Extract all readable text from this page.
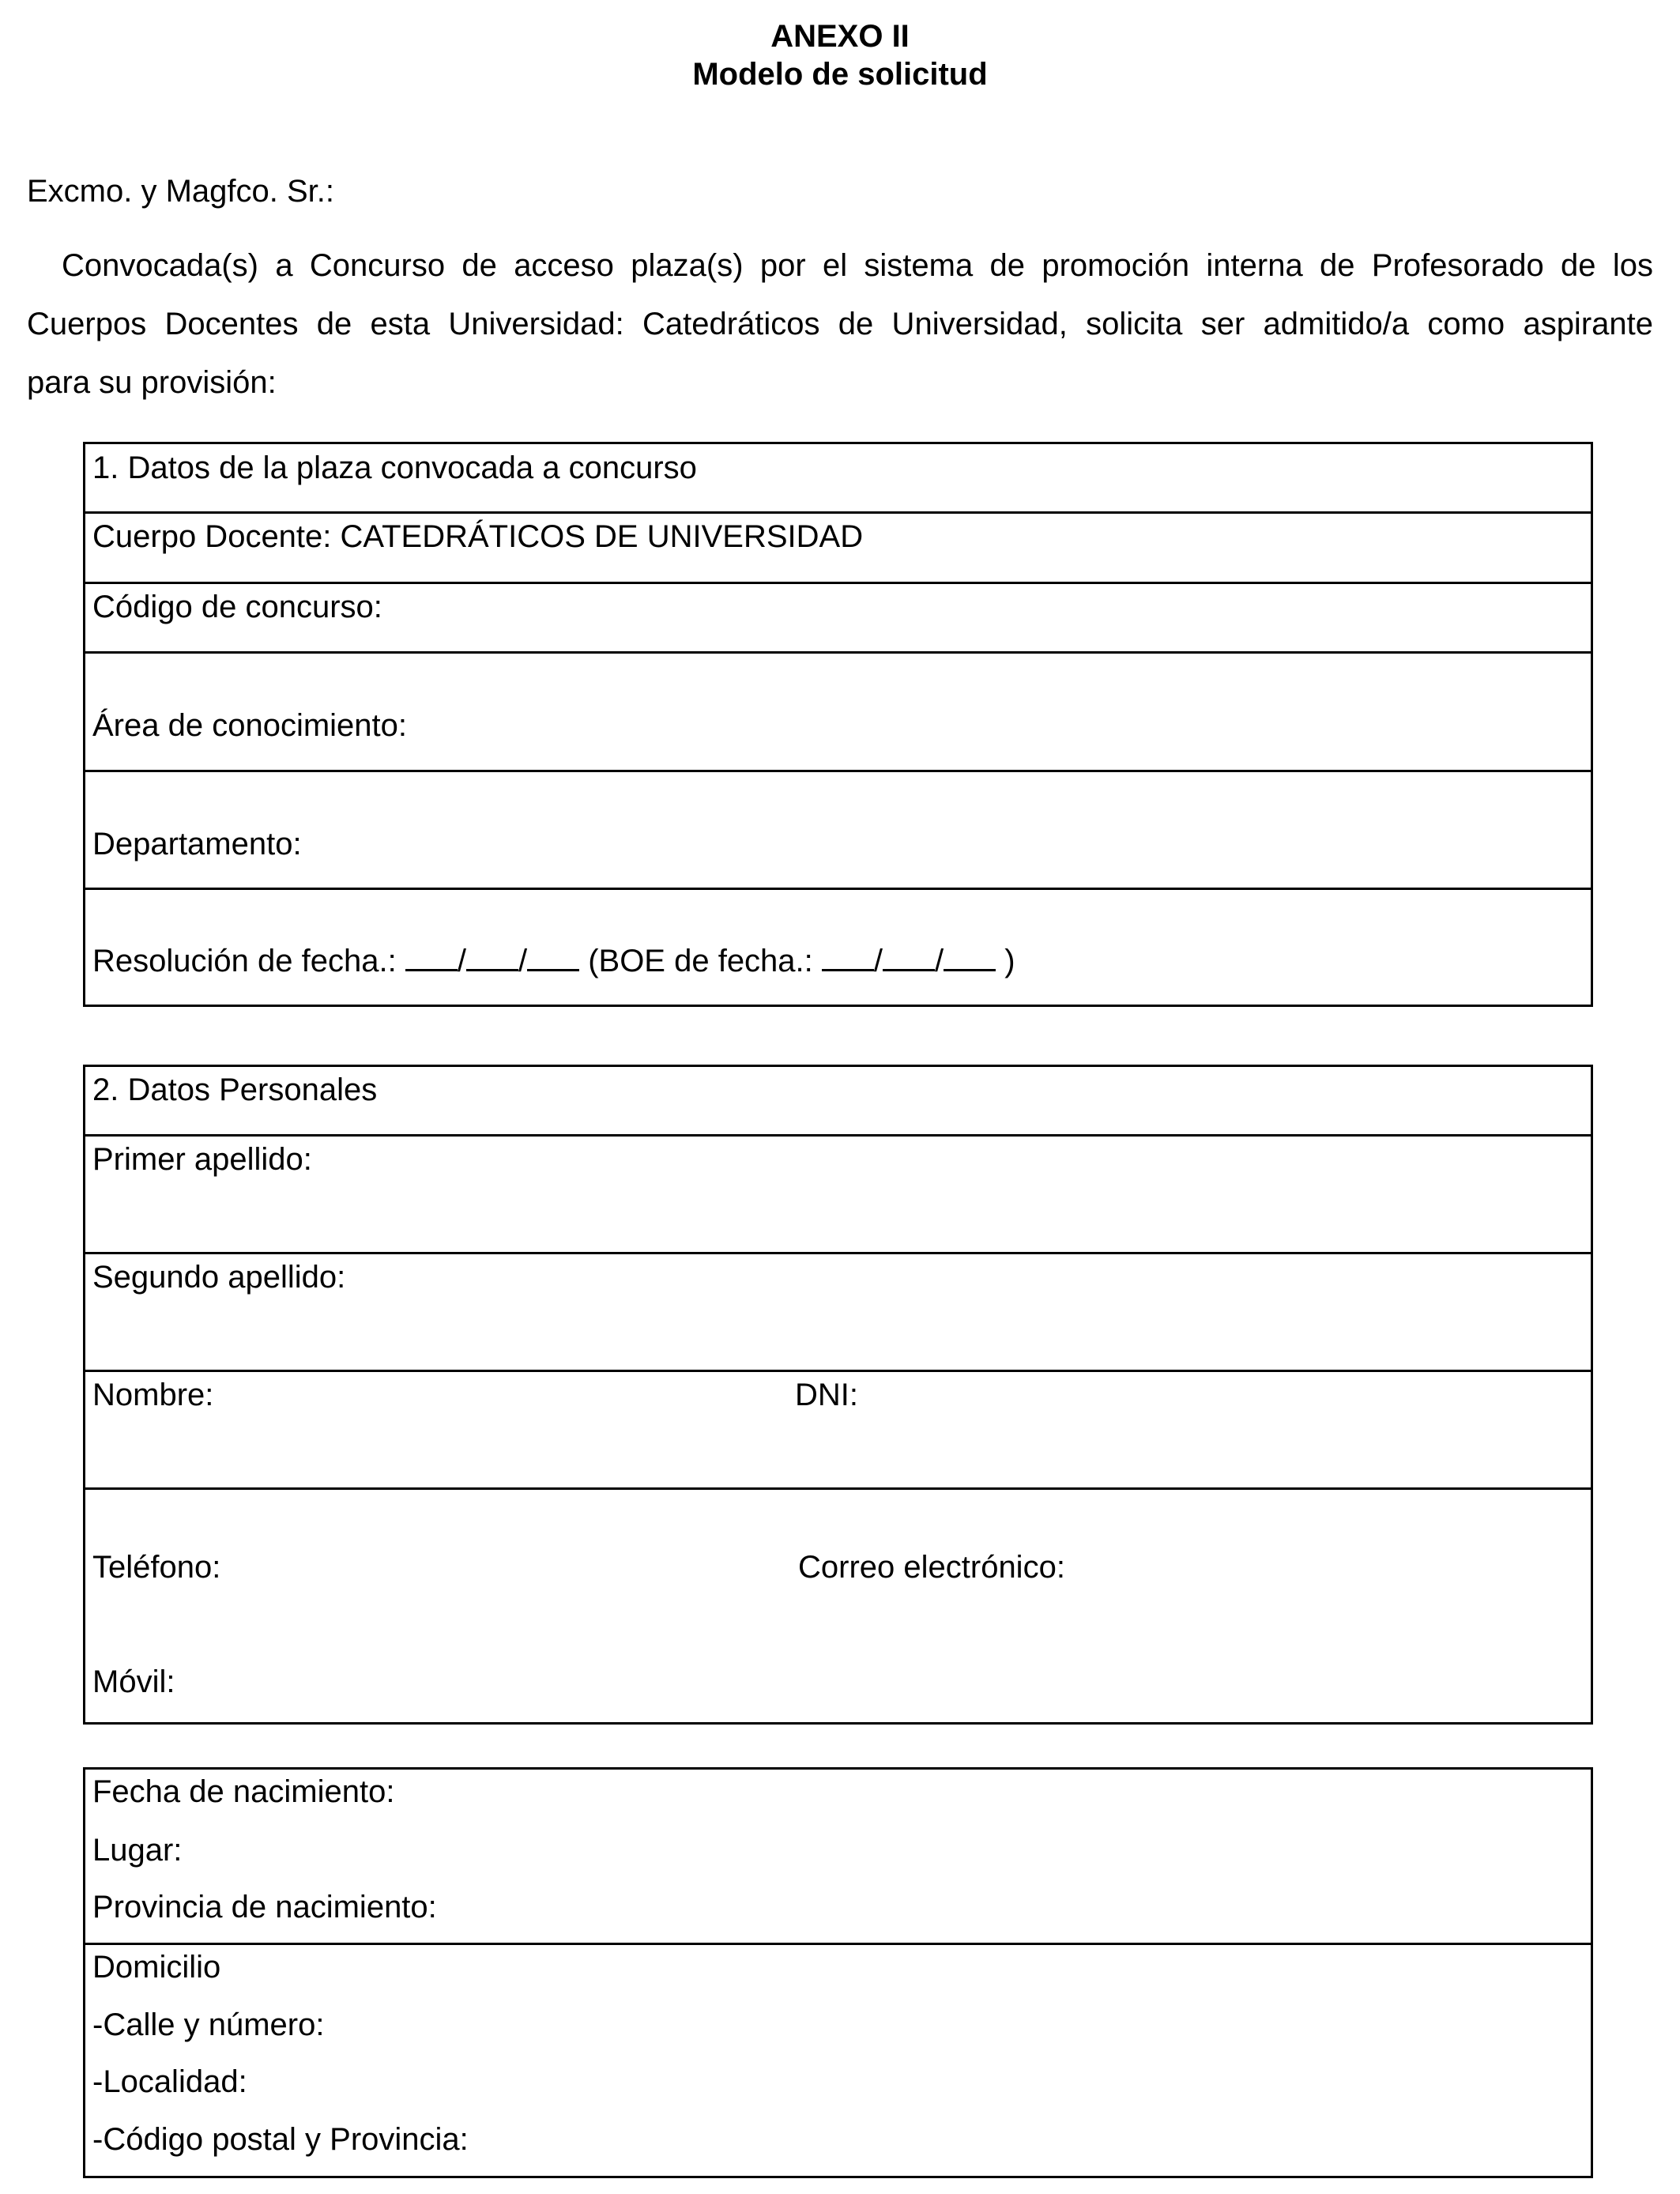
ANEXO II
Modelo de solicitud
Excmo. y Magfco. Sr.:
Convocada(s) a Concurso de acceso plaza(s) por el sistema de promoción interna de Profesorado de los
Cuerpos Docentes de esta Universidad: Catedráticos de Universidad, solicita ser admitido/a como aspirante
para su provisión:
1. Datos de la plaza convocada a concurso
Cuerpo Docente: CATEDRÁTICOS DE UNIVERSIDAD
Código de concurso:
Área de conocimiento:
Departamento:
Resolución de fecha.: / / (BOE de fecha.: / / )
2. Datos Personales
Primer apellido:
Segundo apellido:
Nombre:	DNI:
Teléfono:	Correo electrónico:
Móvil:
Fecha de nacimiento:
Lugar:
Provincia de nacimiento:
Domicilio
-Calle y número:
-Localidad:
-Código postal y Provincia:
